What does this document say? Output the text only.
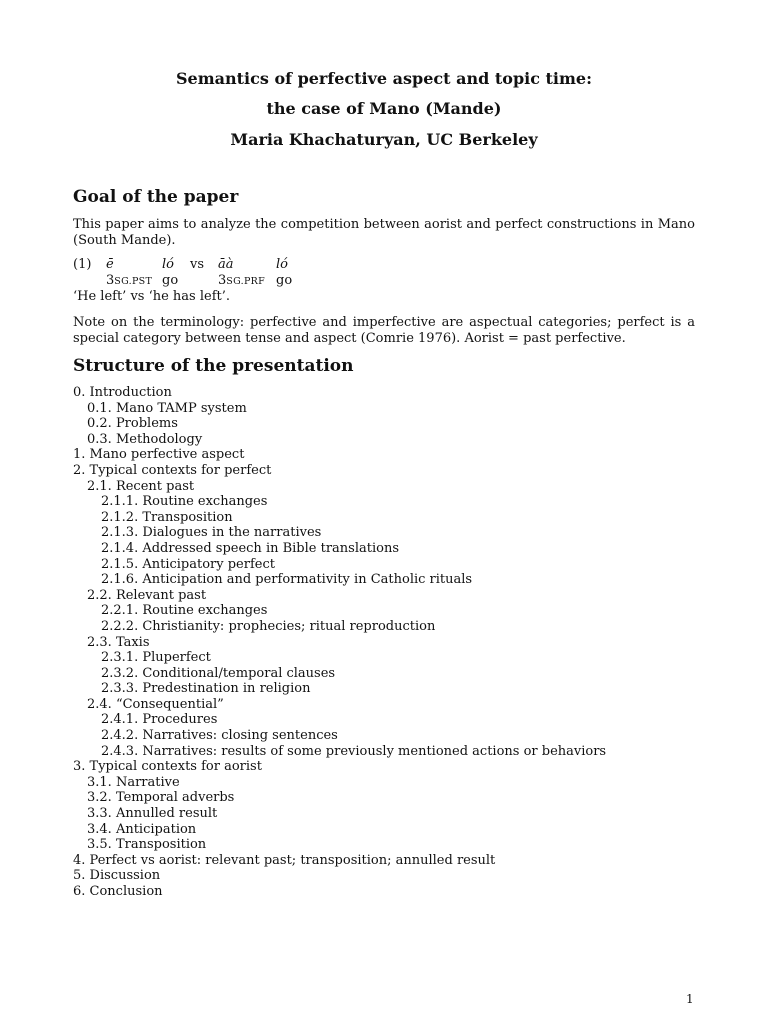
Semantics of perfective aspect and topic time:
the case of Mano (Mande)
Maria Khachaturyan, UC Berkeley
Goal of the paper
This paper aims to analyze the competition between aorist and perfect constructions in Mano (South Mande).
(1) ē	ló vs āà	ló
3SG.PST go	3SG.PRF go
‘He left’ vs ‘he has left’.
Note on the terminology: perfective and imperfective are aspectual categories; perfect is a special category between tense and aspect (Comrie 1976). Aorist = past perfective.
Structure of the presentation
0. Introduction
0.1. Mano TAMP system
0.2. Problems
0.3. Methodology
1. Mano perfective aspect
2. Typical contexts for perfect
2.1. Recent past
2.1.1. Routine exchanges
2.1.2. Transposition
2.1.3. Dialogues in the narratives
2.1.4. Addressed speech in Bible translations
2.1.5. Anticipatory perfect
2.1.6. Anticipation and performativity in Catholic rituals
2.2. Relevant past
2.2.1. Routine exchanges
2.2.2. Christianity: prophecies; ritual reproduction
2.3. Taxis
2.3.1. Pluperfect
2.3.2. Conditional/temporal clauses
2.3.3. Predestination in religion
2.4. “Consequential”
2.4.1. Procedures
2.4.2. Narratives: closing sentences
2.4.3. Narratives: results of some previously mentioned actions or behaviors
3. Typical contexts for aorist
3.1. Narrative
3.2. Temporal adverbs
3.3. Annulled result
3.4. Anticipation
3.5. Transposition
4. Perfect vs aorist: relevant past; transposition; annulled result
5. Discussion
6. Conclusion
1
